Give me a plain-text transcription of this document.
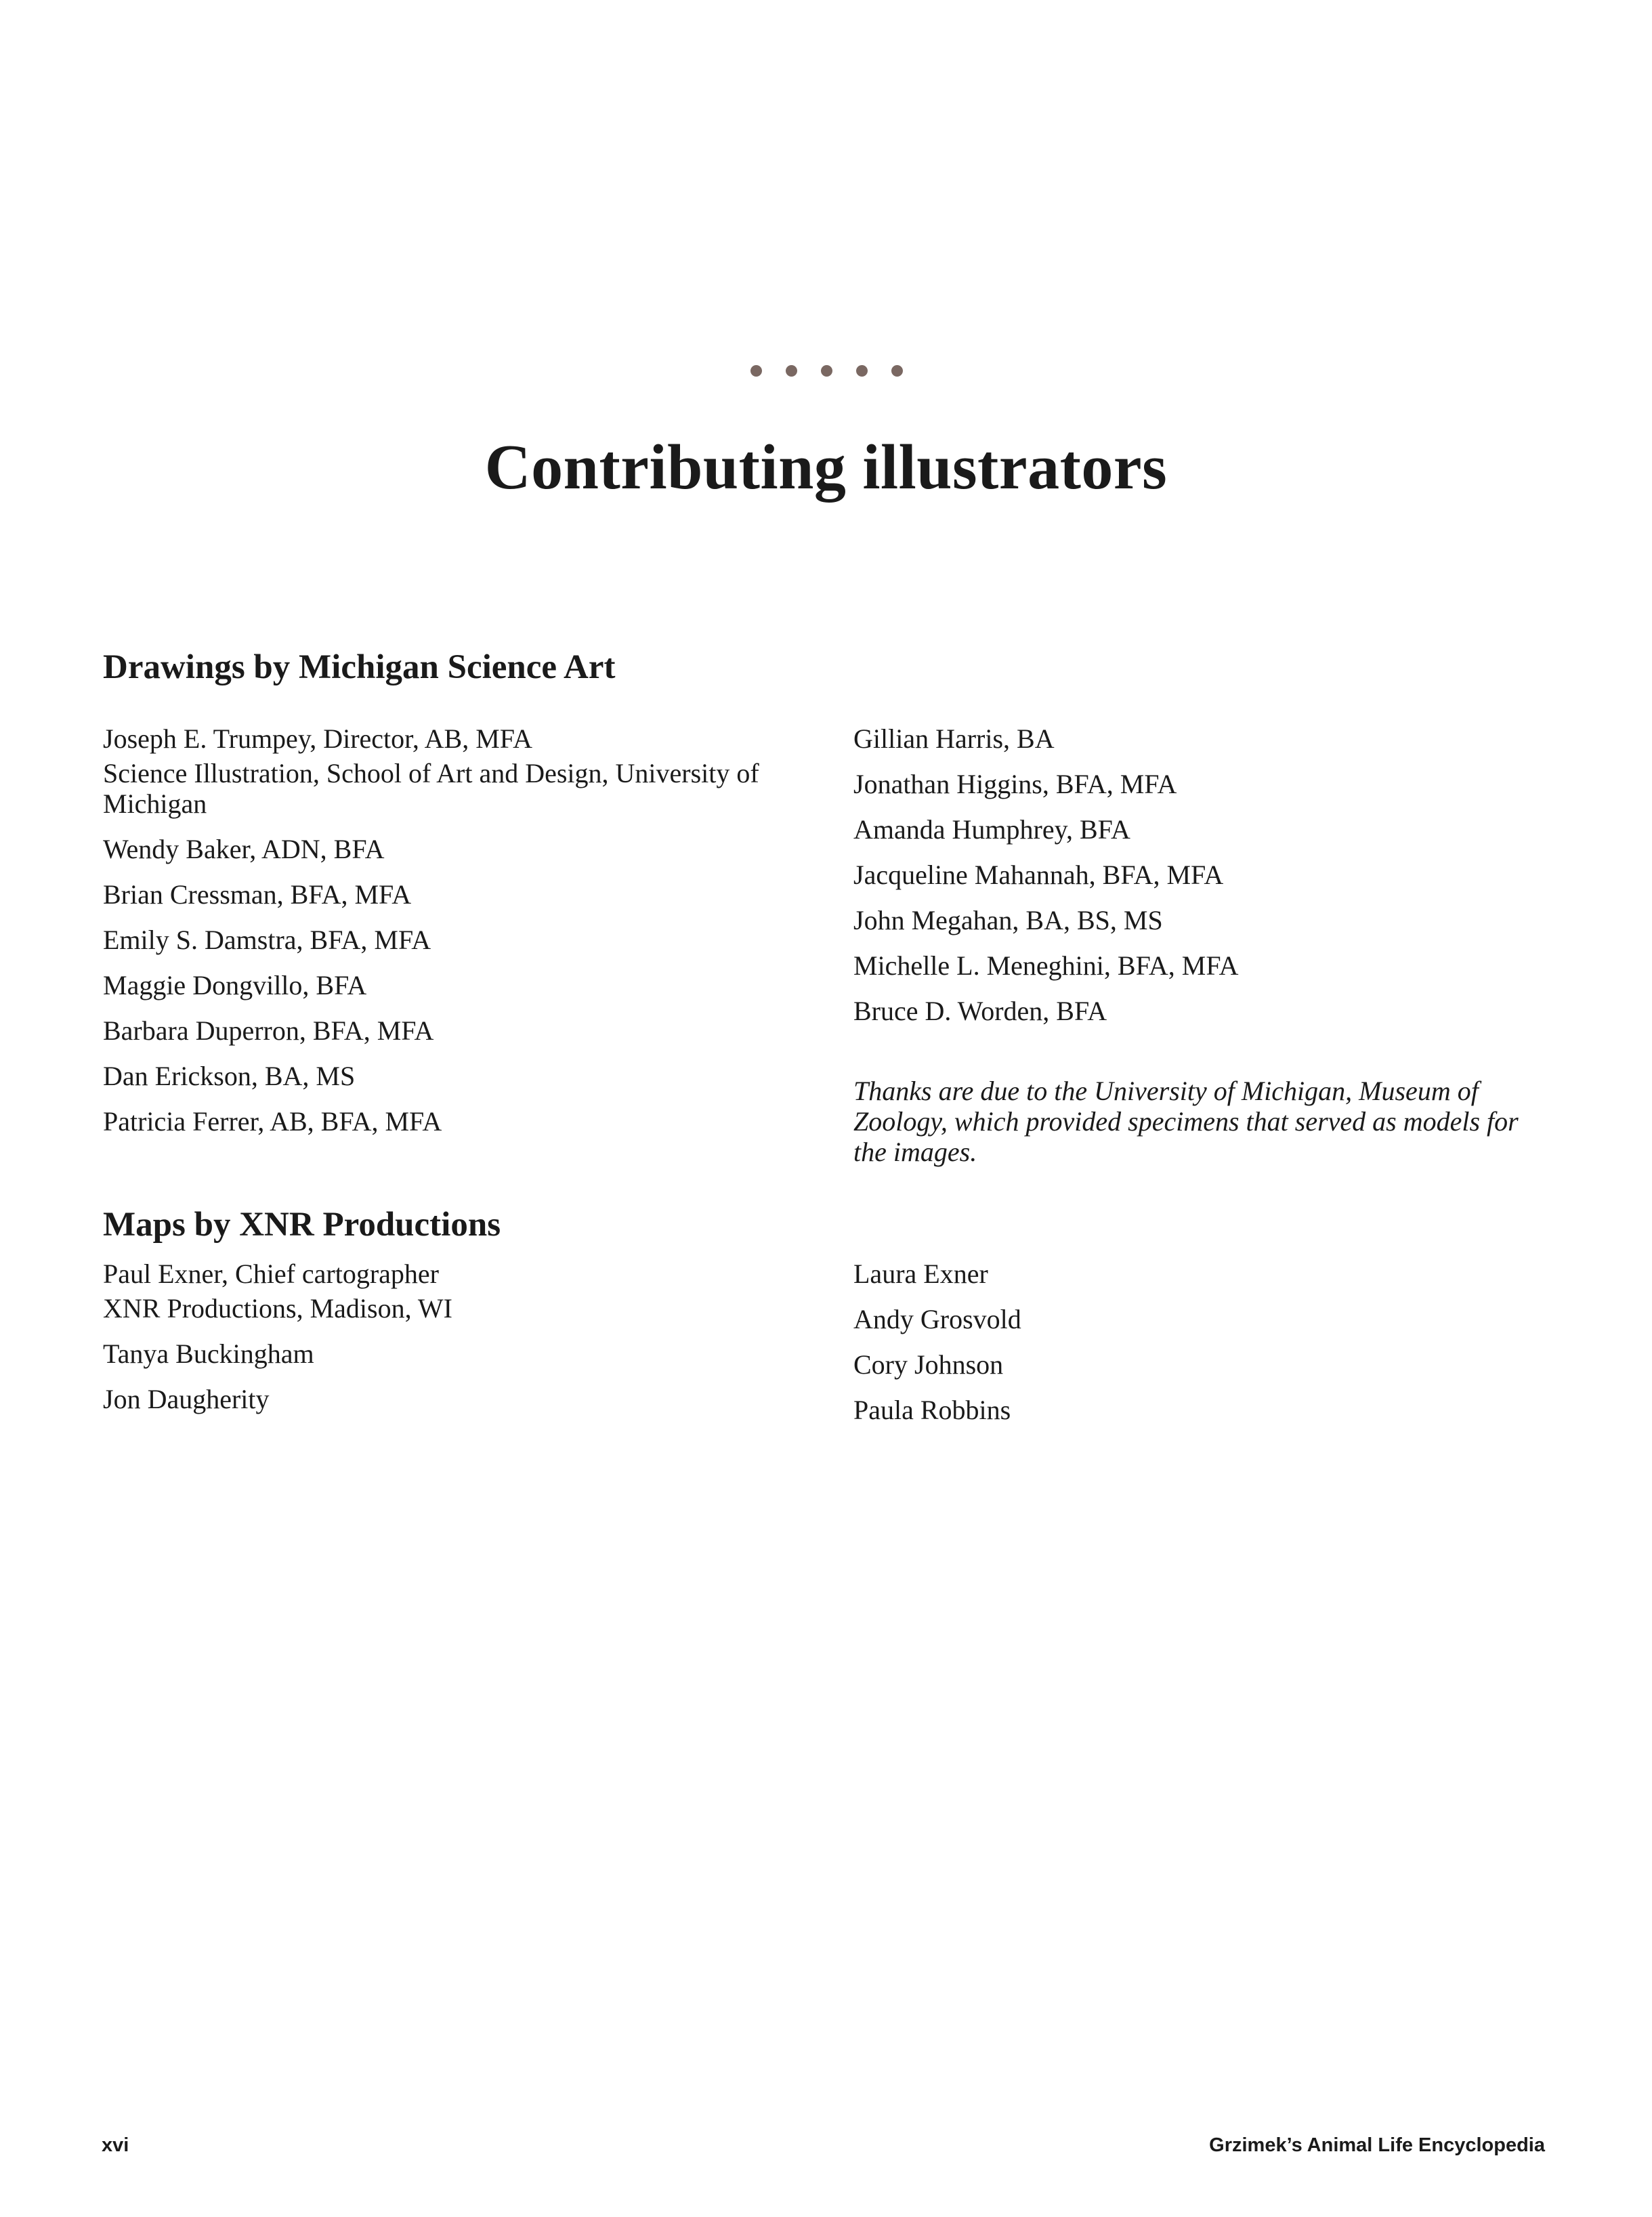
Contributing illustrators
Drawings by Michigan Science Art
Joseph E. Trumpey, Director, AB, MFA
Science Illustration, School of Art and Design, University of Michigan
Wendy Baker, ADN, BFA
Brian Cressman, BFA, MFA
Emily S. Damstra, BFA, MFA
Maggie Dongvillo, BFA
Barbara Duperron, BFA, MFA
Dan Erickson, BA, MS
Patricia Ferrer, AB, BFA, MFA
Gillian Harris, BA
Jonathan Higgins, BFA, MFA
Amanda Humphrey, BFA
Jacqueline Mahannah, BFA, MFA
John Megahan, BA, BS, MS
Michelle L. Meneghini, BFA, MFA
Bruce D. Worden, BFA
Thanks are due to the University of Michigan, Museum of Zoology, which provided specimens that served as models for the images.
Maps by XNR Productions
Paul Exner, Chief cartographer
XNR Productions, Madison, WI
Tanya Buckingham
Jon Daugherity
Laura Exner
Andy Grosvold
Cory Johnson
Paula Robbins
xvi	Grzimek’s Animal Life Encyclopedia
